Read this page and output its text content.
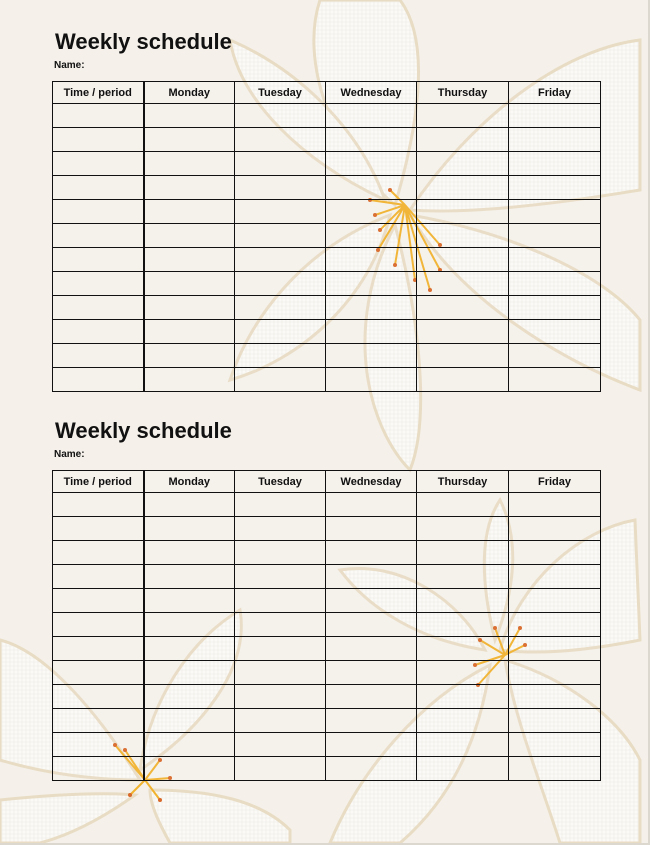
Weekly schedule
Name:
Time / period	Monday	Tuesday	Wednesday	Thursday	Friday

Weekly schedule
Name:
Time / period	Monday	Tuesday	Wednesday	Thursday	Friday
